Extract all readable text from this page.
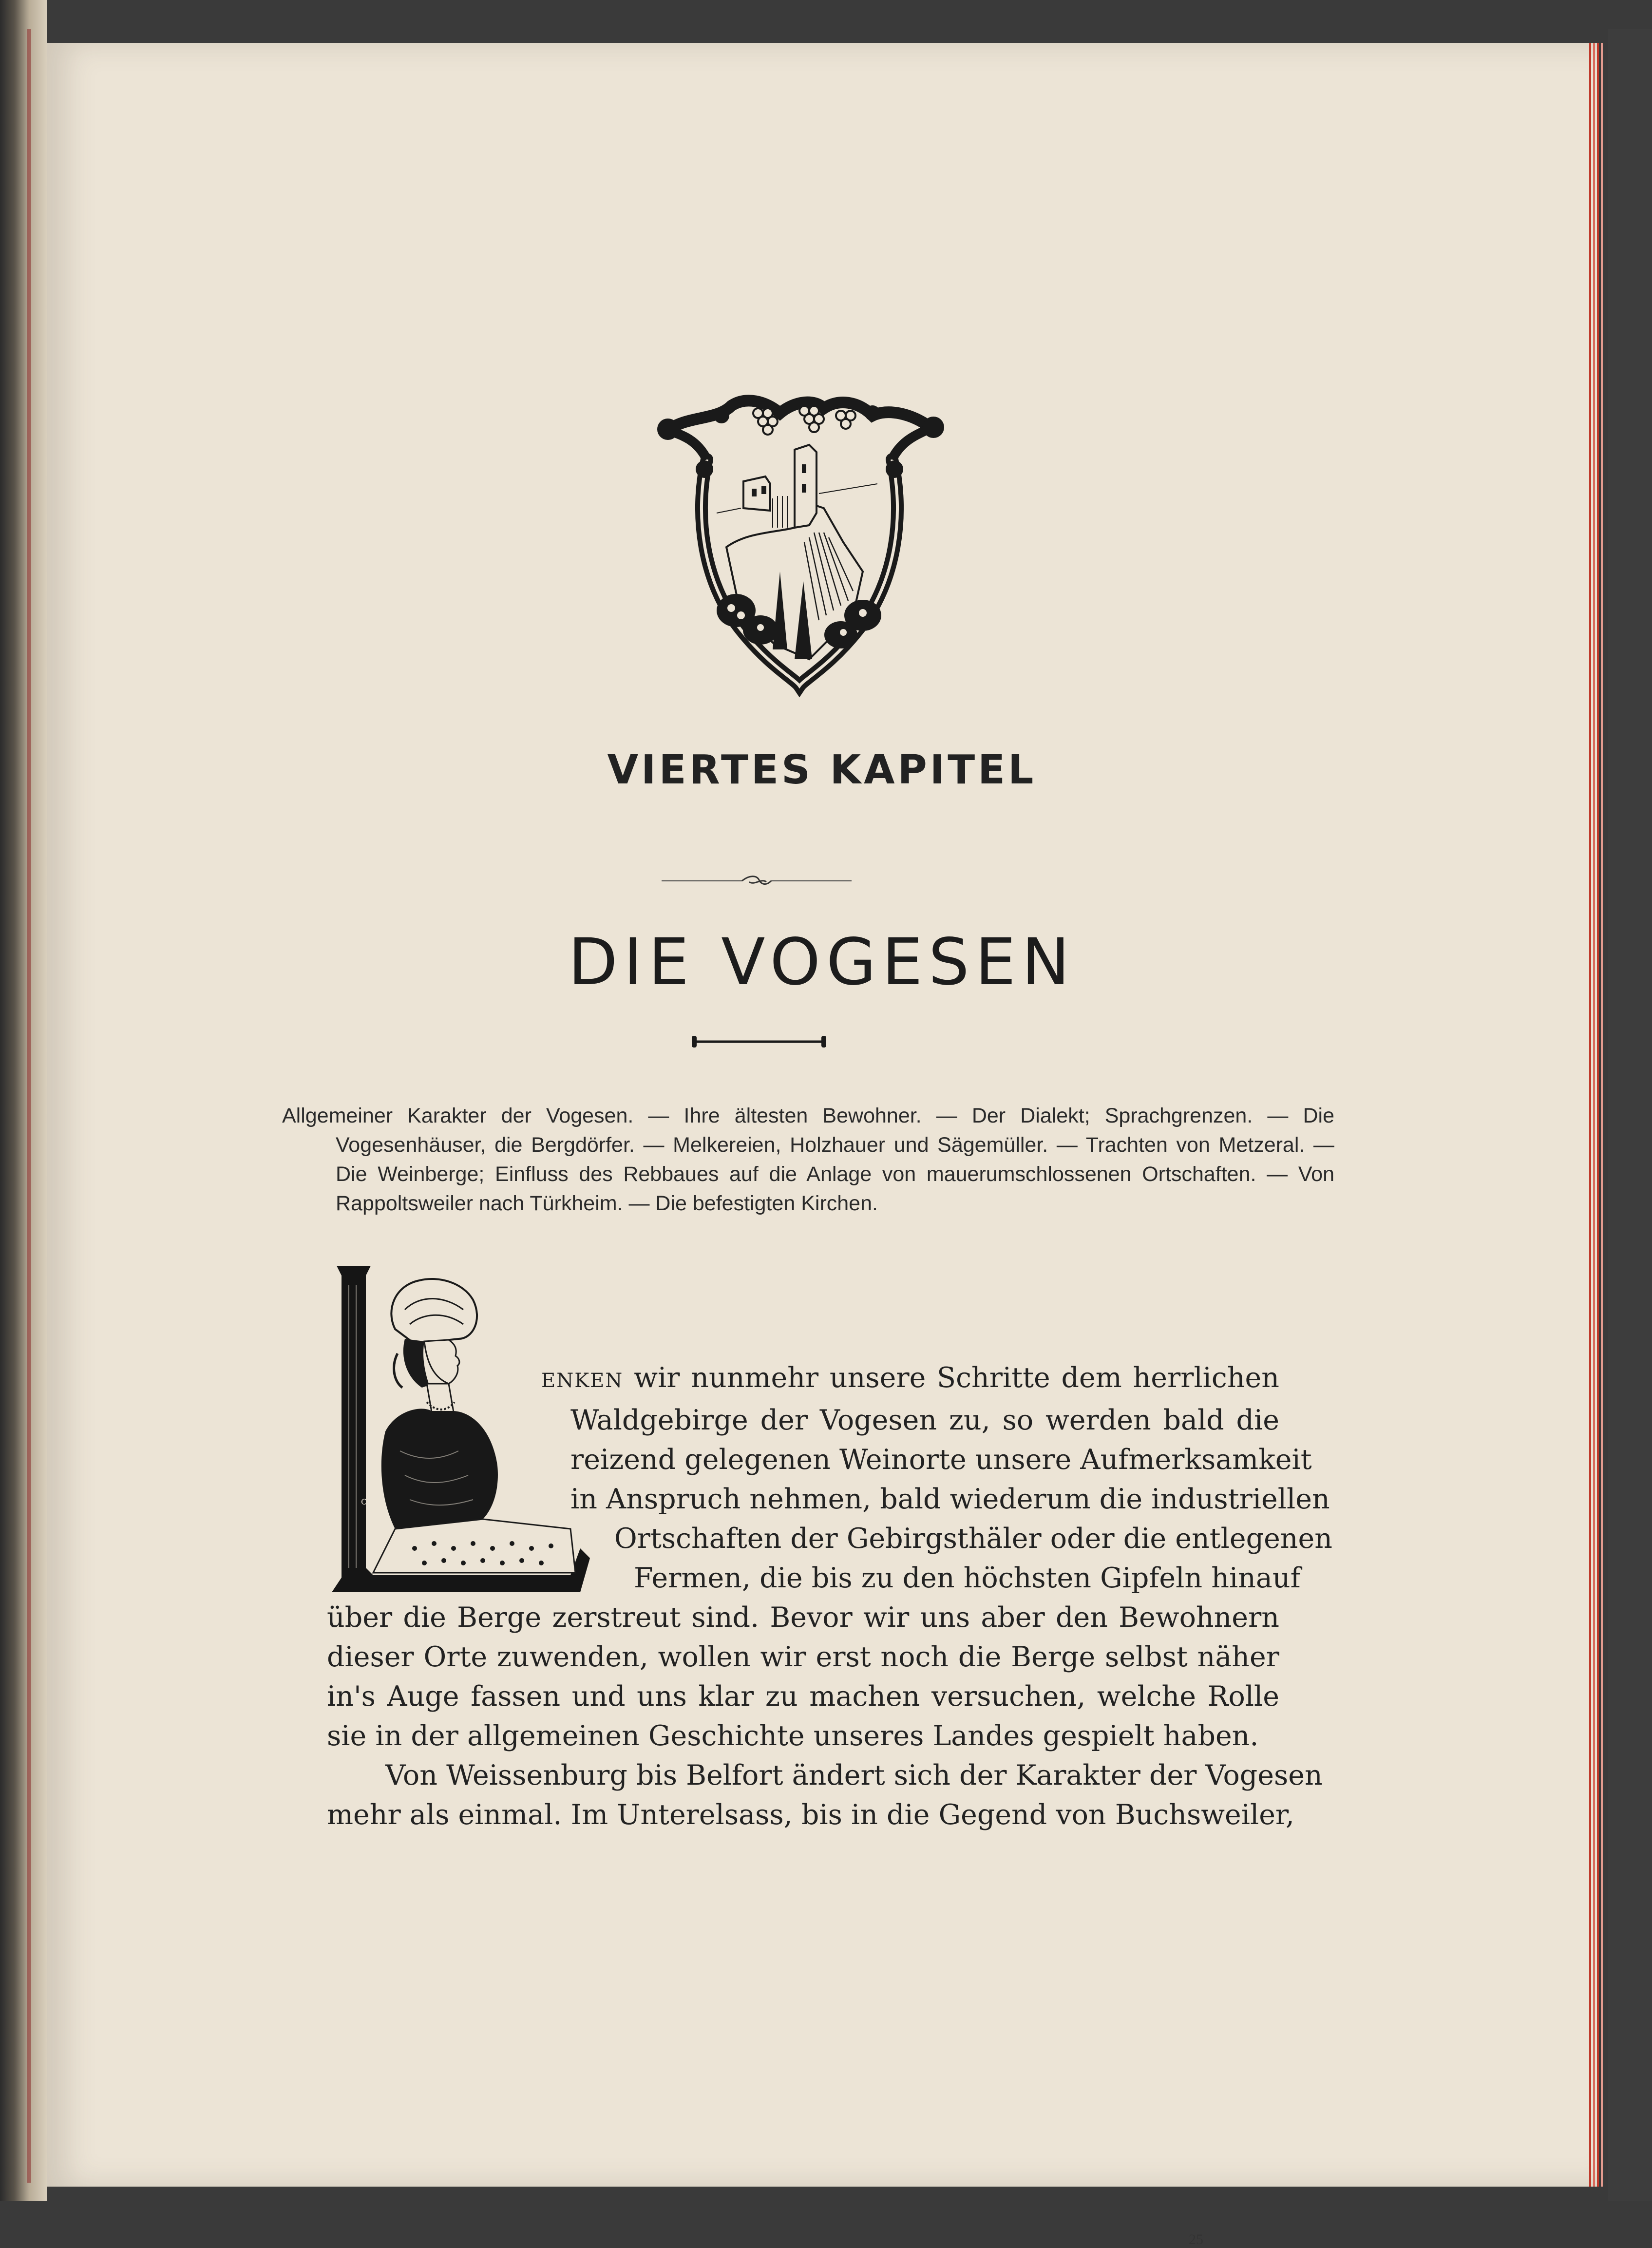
VIERTES KAPITEL
DIE VOGESEN

Allgemeiner Karakter der Vogesen. — Ihre ältesten Bewohner. — Der Dialekt; Sprachgrenzen. — Die Vogesenhäuser, die Bergdörfer. — Melkereien, Holzhauer und Sägemüller. — Trachten von Metzeral. — Die Weinberge; Einfluss des Rebbaues auf die Anlage von mauerumschlossenen Ortschaften. — Von Rappoltsweiler nach Türkheim. — Die befestigten Kirchen.

C.S.
ENKEN wir nunmehr unsere Schritte dem herrlichen
Waldgebirge der Vogesen zu, so werden bald die
reizend gelegenen Weinorte unsere Aufmerksamkeit
in Anspruch nehmen, bald wiederum die industriellen
Ortschaften der Gebirgsthäler oder die entlegenen
Fermen, die bis zu den höchsten Gipfeln hinauf
über die Berge zerstreut sind. Bevor wir uns aber den Bewohnern
dieser Orte zuwenden, wollen wir erst noch die Berge selbst näher
in's Auge fassen und uns klar zu machen versuchen, welche Rolle
sie in der allgemeinen Geschichte unseres Landes gespielt haben.
Von Weissenburg bis Belfort ändert sich der Karakter der Vogesen
mehr als einmal. Im Unterelsass, bis in die Gegend von Buchsweiler,
25
